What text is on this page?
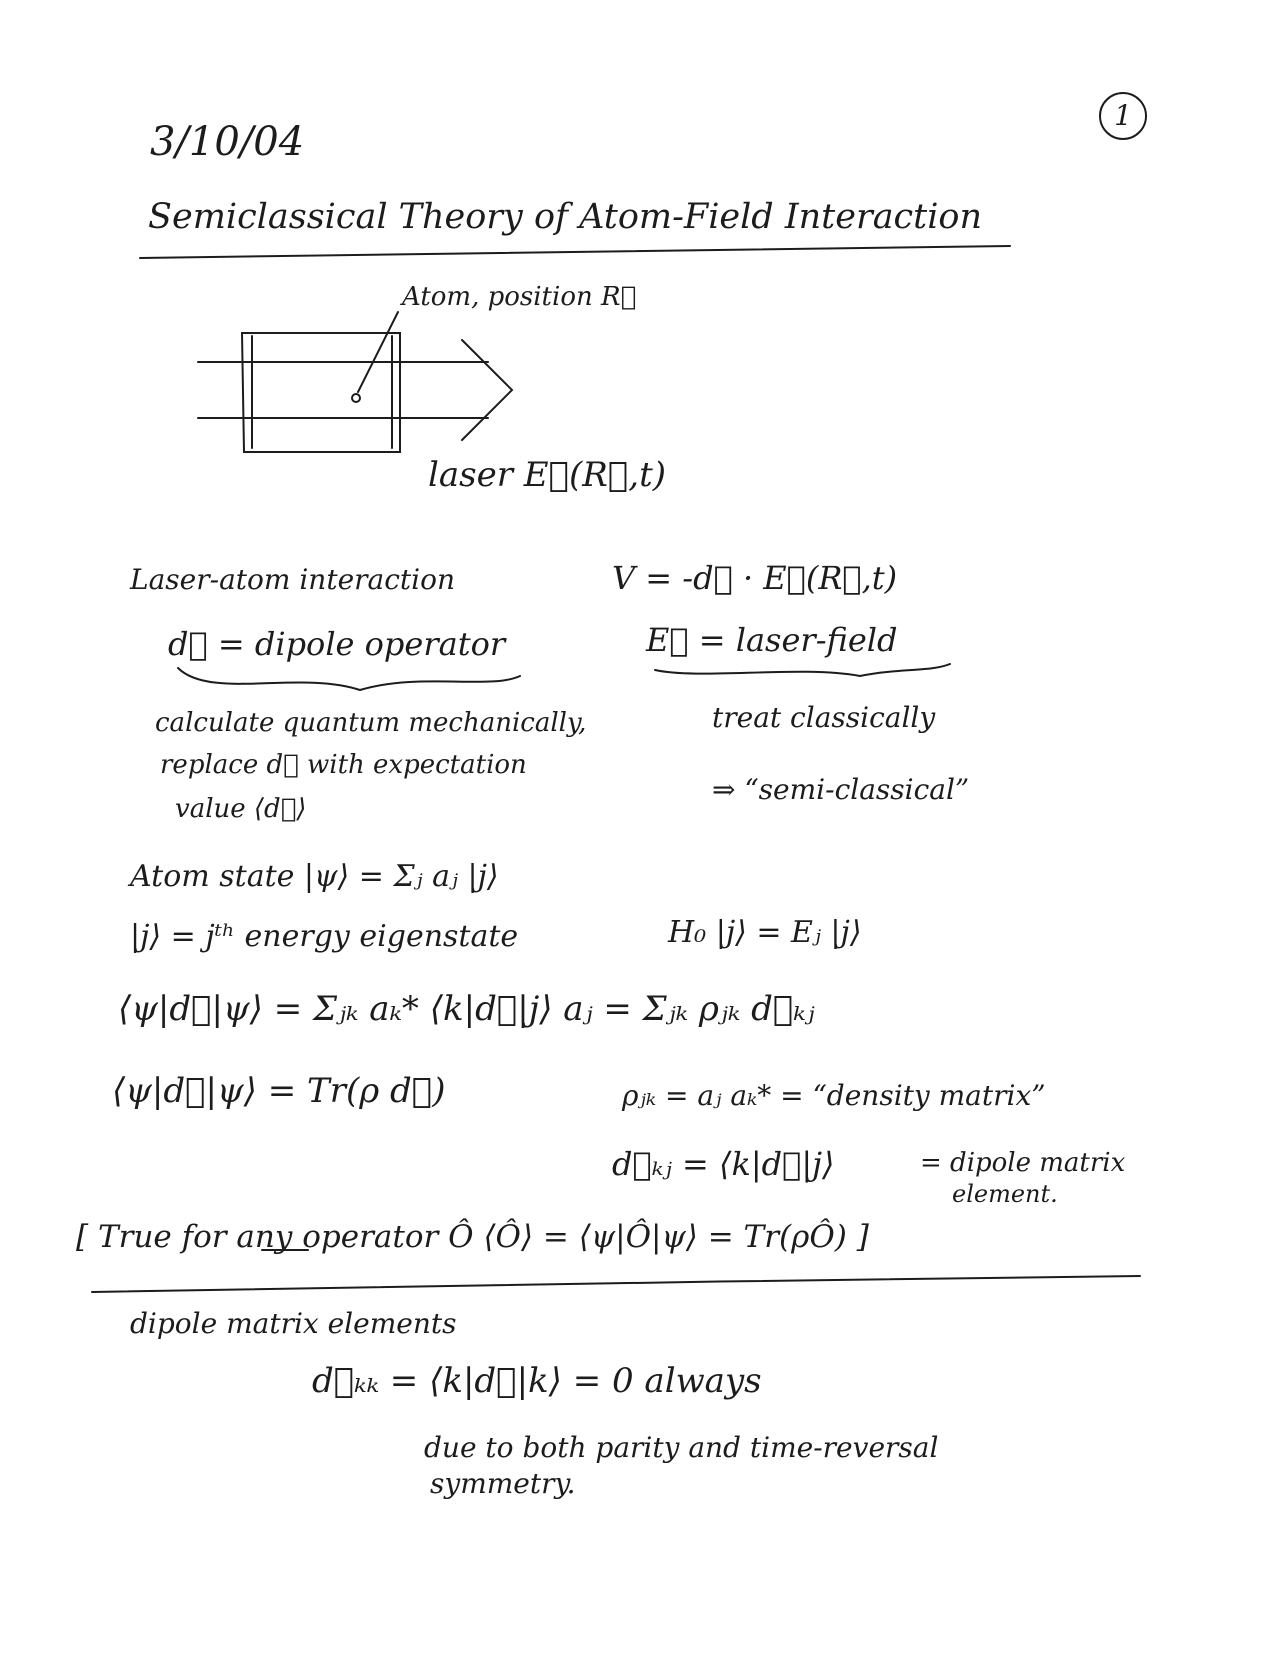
1
3/10/04
Semiclassical Theory of Atom-Field Interaction
Atom, position R⃗
laser E⃗(R⃗,t)
Laser-atom interaction	V = -d⃗ · E⃗(R⃗,t)
d⃗ = dipole operator	E⃗ = laser-field
calculate quantum mechanically,
replace d⃗ with expectation
value ⟨d⃗⟩
treat classically
⇒ “semi-classical”
Atom state |ψ⟩ = Σⱼ aⱼ |j⟩
|j⟩ = jᵗʰ energy eigenstate	H₀ |j⟩ = Eⱼ |j⟩
⟨ψ|d⃗|ψ⟩ = Σⱼₖ aₖ* ⟨k|d⃗|j⟩ aⱼ = Σⱼₖ ρⱼₖ d⃗ₖⱼ
⟨ψ|d⃗|ψ⟩ = Tr(ρ d⃗)	ρⱼₖ = aⱼ aₖ* = “density matrix”
d⃗ₖⱼ = ⟨k|d⃗|j⟩	= dipole matrix
element.
[ True for any operator Ô ⟨Ô⟩ = ⟨ψ|Ô|ψ⟩ = Tr(ρÔ) ]
dipole matrix elements
d⃗ₖₖ = ⟨k|d⃗|k⟩ = 0 always
due to both parity and time-reversal
symmetry.
